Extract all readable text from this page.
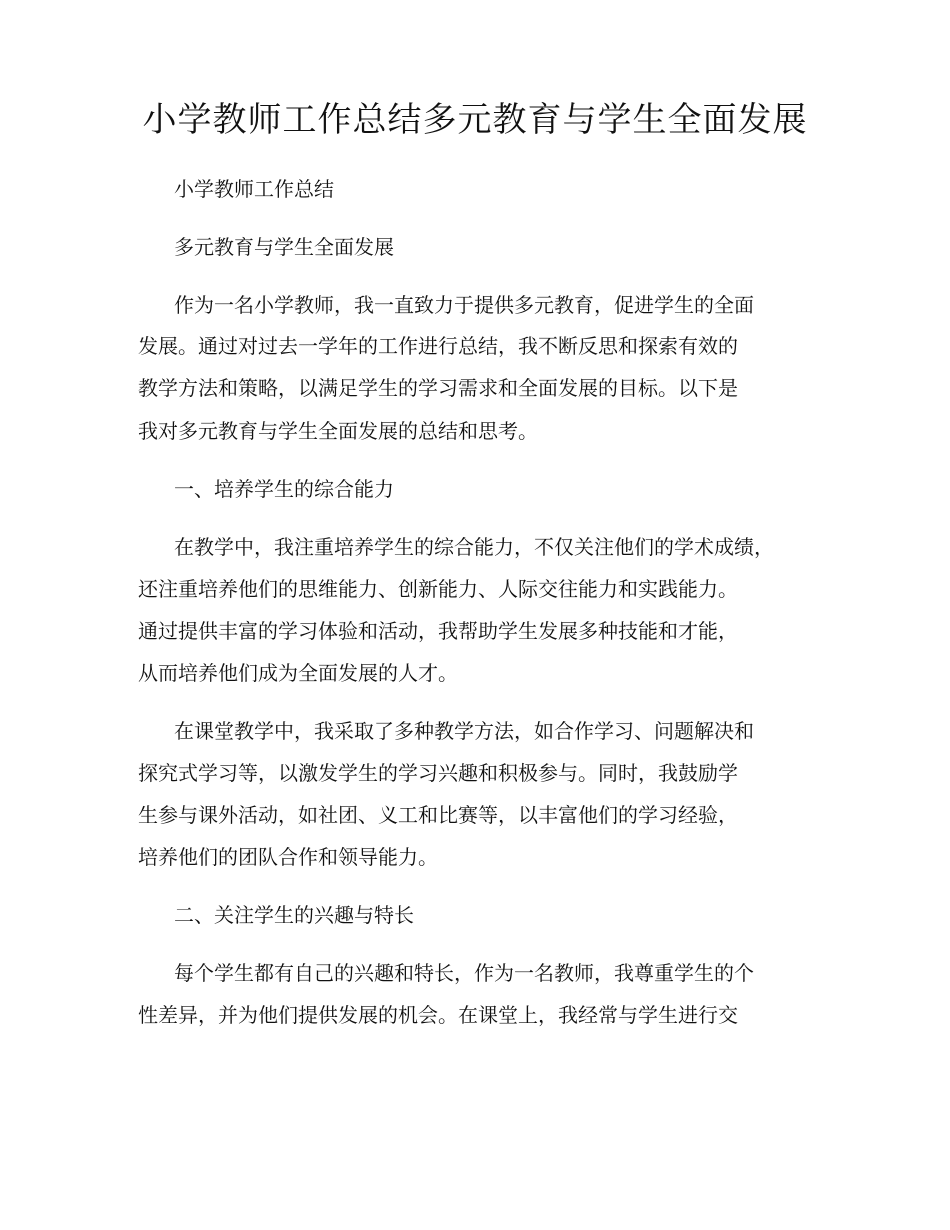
小学教师工作总结多元教育与学生全面发展
小学教师工作总结
多元教育与学生全面发展
作为一名小学教师，我一直致力于提供多元教育，促进学生的全面
发展。通过对过去一学年的工作进行总结，我不断反思和探索有效的
教学方法和策略，以满足学生的学习需求和全面发展的目标。以下是
我对多元教育与学生全面发展的总结和思考。
一、培养学生的综合能力
在教学中，我注重培养学生的综合能力，不仅关注他们的学术成绩，
还注重培养他们的思维能力、创新能力、人际交往能力和实践能力。
通过提供丰富的学习体验和活动，我帮助学生发展多种技能和才能，
从而培养他们成为全面发展的人才。
在课堂教学中，我采取了多种教学方法，如合作学习、问题解决和
探究式学习等，以激发学生的学习兴趣和积极参与。同时，我鼓励学
生参与课外活动，如社团、义工和比赛等，以丰富他们的学习经验，
培养他们的团队合作和领导能力。
二、关注学生的兴趣与特长
每个学生都有自己的兴趣和特长，作为一名教师，我尊重学生的个
性差异，并为他们提供发展的机会。在课堂上，我经常与学生进行交
